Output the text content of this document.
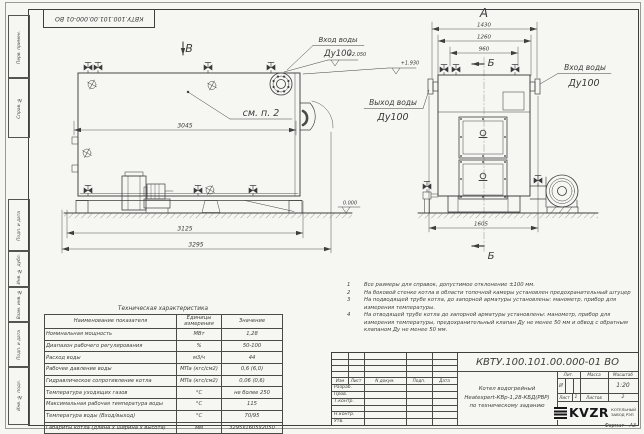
Перв. примен.
Справ. №
Подп. и дата
Инв. № дубл.
Взам. инв. №
Подп. и дата
Инв. № подл.
КВТУ.100.101.00.000-01 ВО
В
3045
3125
3295
+2.050
+1.930
0.000
Вход воды
Ду100
см. п. 2
А
1430
1260
960
1605
Б
Б
Вход воды
Ду100
Выход воды
Ду100
1	Все размеры для справок, допустимое отклонение ±100 мм.
2	На боковой стенке котла в области топочной камеры установлен предохранительный штуцер
3	На подводящей трубе котла, до запорной арматуры установлены: манометр, прибор для измерения температуры.
4	На отводящей трубе котла до запорной арматуры установлены: манометр, прибор для измерения температуры, предохранительный клапан Ду не менее 50 мм и обвод с обратным клапаном Ду не менее 50 мм.
Техническая характеристика
Наименование показателя	Единицы измерения	Значение
Номинальная мощность	МВт	1,28
Диапазон рабочего регулирования	%	50-100
Расход воды	м3/ч	44
Рабочее давление воды	МПа (кгс/см2)	0,6 (6,0)
Гидравлическое сопротивление котла	МПа (кгс/см2)	0,06 (0,6)
Температура уходящих газов	°С	не более 250
Максимальная рабочая температура воды	°С	115
Температура воды (Вход/выход)	°С	70/95
Габариты котла (длина х ширина х высота)	мм	3295х1605х2050
КВТУ.100.101.00.000-01 ВО
Изм	Лист	N докум.	Подп.	Дата
Разраб.
Пров.
Т.контр.
Н.контр.
Утв.
Котел водогрейный
Heatexpert-КВр-1,28-КБД(РВР)
по техническому заданию
Лит.	Масса	Масштаб
И	1:20
Лист	1	Листов	2
KVZR КОТЕЛЬНЫЙ
ЗАВОД РЭП
Формат А3
